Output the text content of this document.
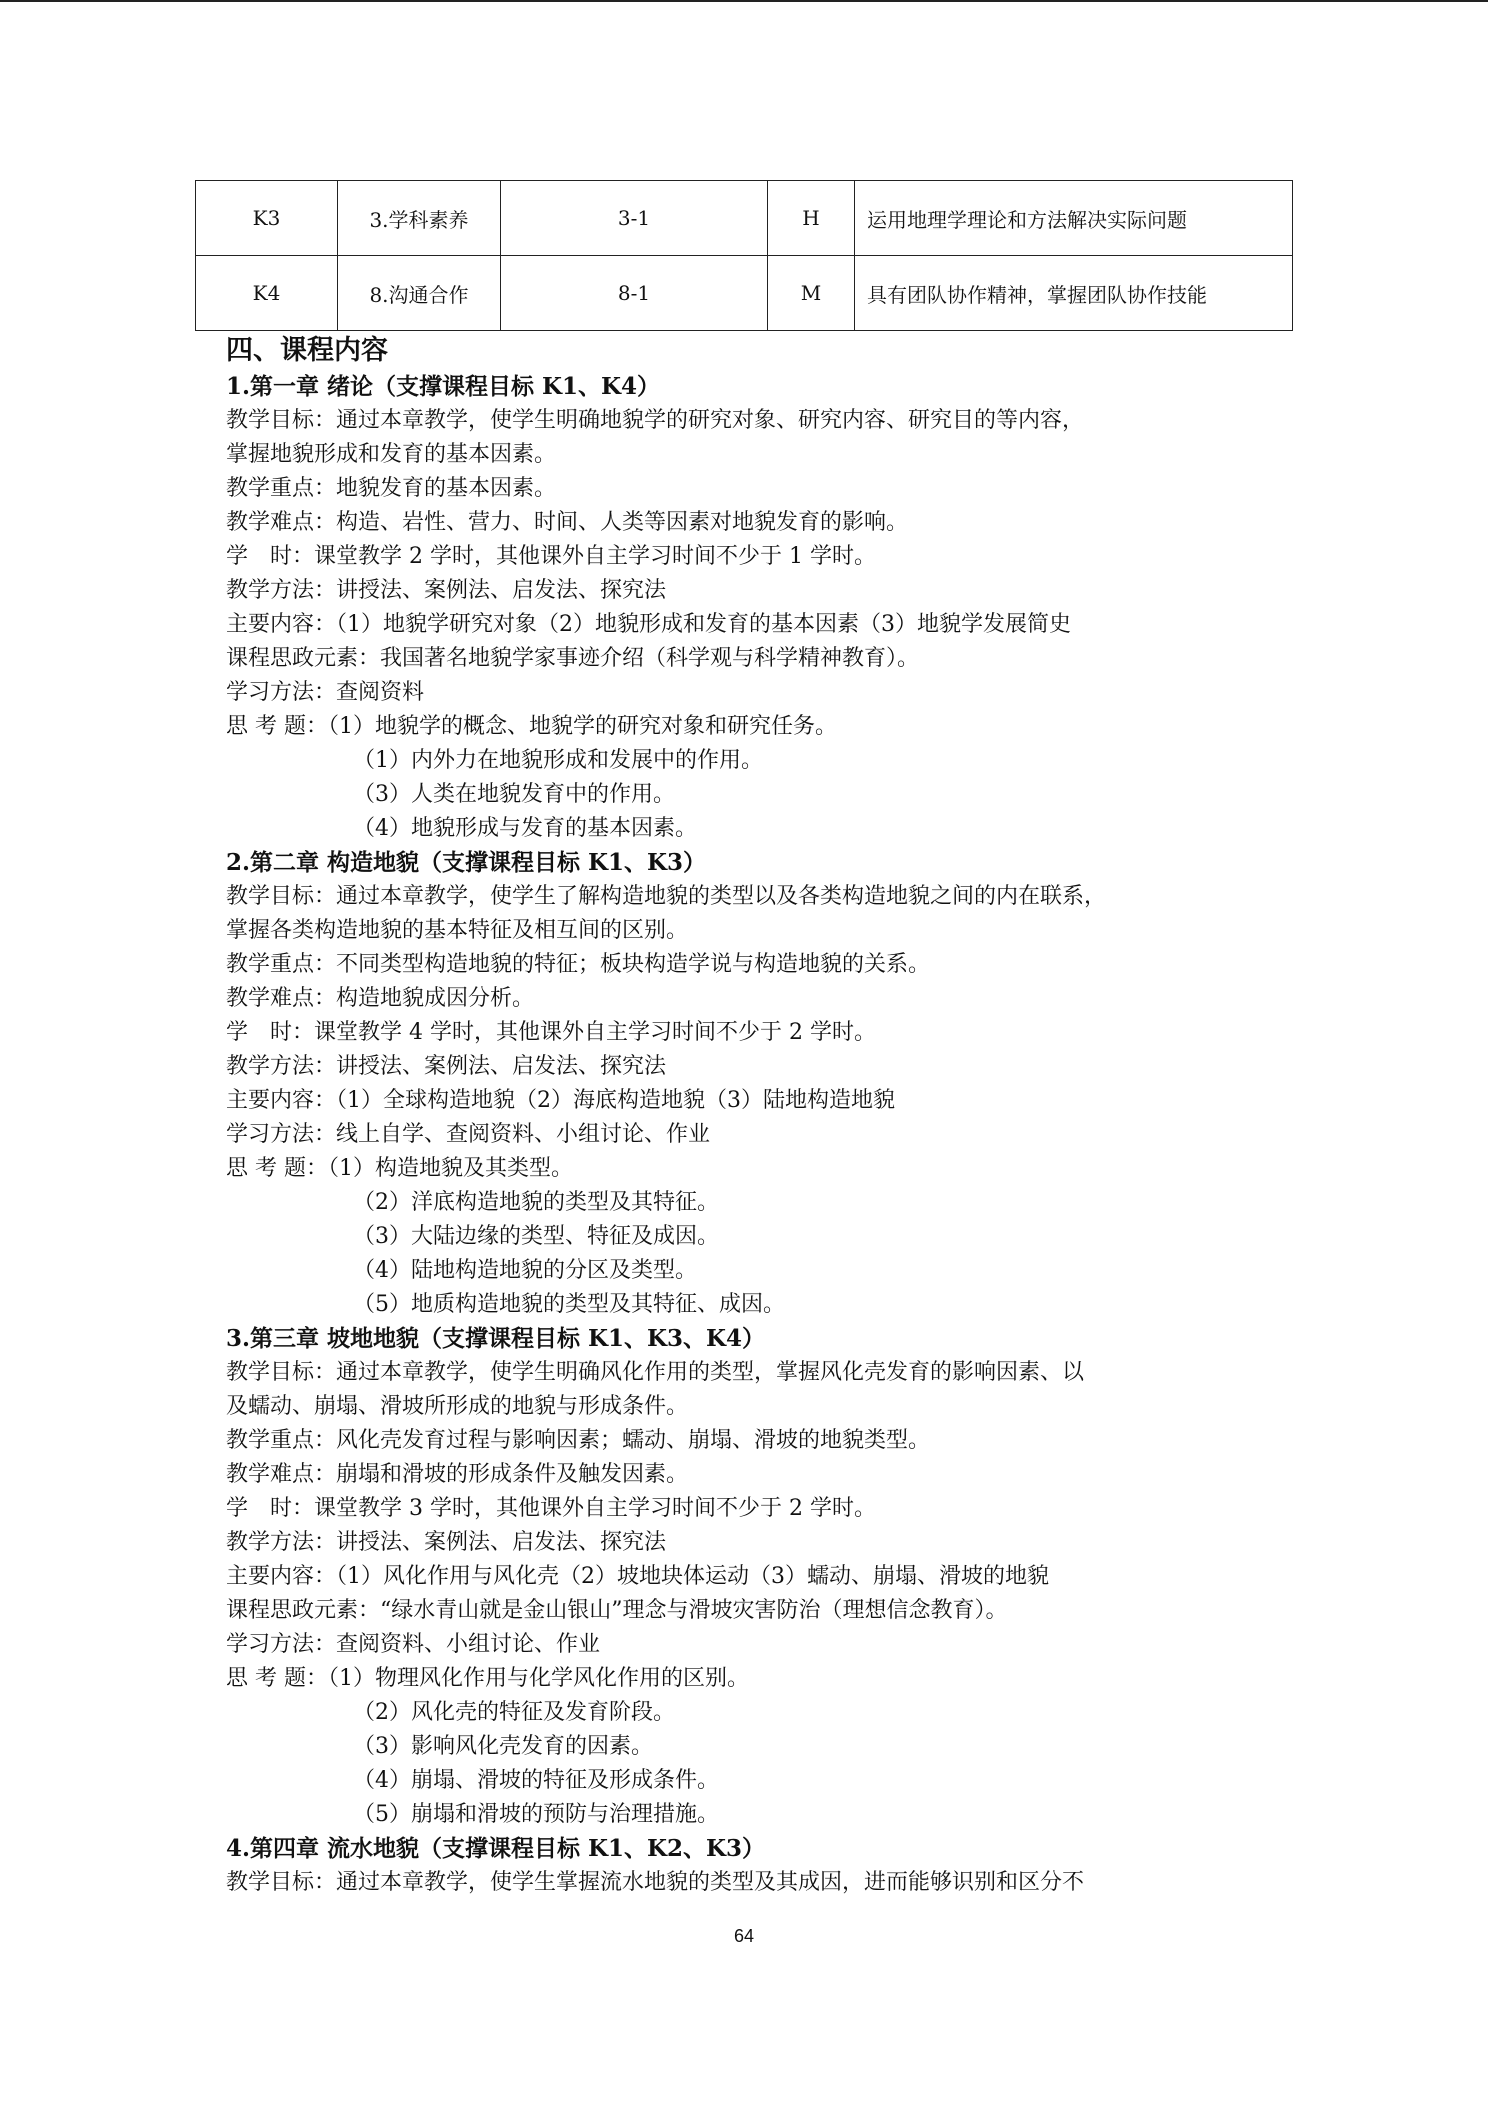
K3	3.学科素养	3-1	H	运用地理学理论和方法解决实际问题
K4	8.沟通合作	8-1	M	具有团队协作精神，掌握团队协作技能
四、课程内容
1.第一章 绪论（支撑课程目标 K1、K4）
教学目标：通过本章教学，使学生明确地貌学的研究对象、研究内容、研究目的等内容，
掌握地貌形成和发育的基本因素。
教学重点：地貌发育的基本因素。
教学难点：构造、岩性、营力、时间、人类等因素对地貌发育的影响。
学　时：课堂教学 2 学时，其他课外自主学习时间不少于 1 学时。
教学方法：讲授法、案例法、启发法、探究法
主要内容：（1）地貌学研究对象（2）地貌形成和发育的基本因素（3）地貌学发展简史
课程思政元素：我国著名地貌学家事迹介绍（科学观与科学精神教育）。
学习方法：查阅资料
思 考 题：（1）地貌学的概念、地貌学的研究对象和研究任务。
（1）内外力在地貌形成和发展中的作用。
（3）人类在地貌发育中的作用。
（4）地貌形成与发育的基本因素。
2.第二章 构造地貌（支撑课程目标 K1、K3）
教学目标：通过本章教学，使学生了解构造地貌的类型以及各类构造地貌之间的内在联系，
掌握各类构造地貌的基本特征及相互间的区别。
教学重点：不同类型构造地貌的特征；板块构造学说与构造地貌的关系。
教学难点：构造地貌成因分析。
学　时：课堂教学 4 学时，其他课外自主学习时间不少于 2 学时。
教学方法：讲授法、案例法、启发法、探究法
主要内容：（1）全球构造地貌（2）海底构造地貌（3）陆地构造地貌
学习方法：线上自学、查阅资料、小组讨论、作业
思 考 题：（1）构造地貌及其类型。
（2）洋底构造地貌的类型及其特征。
（3）大陆边缘的类型、特征及成因。
（4）陆地构造地貌的分区及类型。
（5）地质构造地貌的类型及其特征、成因。
3.第三章 坡地地貌（支撑课程目标 K1、K3、K4）
教学目标：通过本章教学，使学生明确风化作用的类型，掌握风化壳发育的影响因素、以
及蠕动、崩塌、滑坡所形成的地貌与形成条件。
教学重点：风化壳发育过程与影响因素；蠕动、崩塌、滑坡的地貌类型。
教学难点：崩塌和滑坡的形成条件及触发因素。
学　时：课堂教学 3 学时，其他课外自主学习时间不少于 2 学时。
教学方法：讲授法、案例法、启发法、探究法
主要内容：（1）风化作用与风化壳（2）坡地块体运动（3）蠕动、崩塌、滑坡的地貌
课程思政元素：“绿水青山就是金山银山”理念与滑坡灾害防治（理想信念教育）。
学习方法：查阅资料、小组讨论、作业
思 考 题：（1）物理风化作用与化学风化作用的区别。
（2）风化壳的特征及发育阶段。
（3）影响风化壳发育的因素。
（4）崩塌、滑坡的特征及形成条件。
（5）崩塌和滑坡的预防与治理措施。
4.第四章 流水地貌（支撑课程目标 K1、K2、K3）
教学目标：通过本章教学，使学生掌握流水地貌的类型及其成因，进而能够识别和区分不
64
